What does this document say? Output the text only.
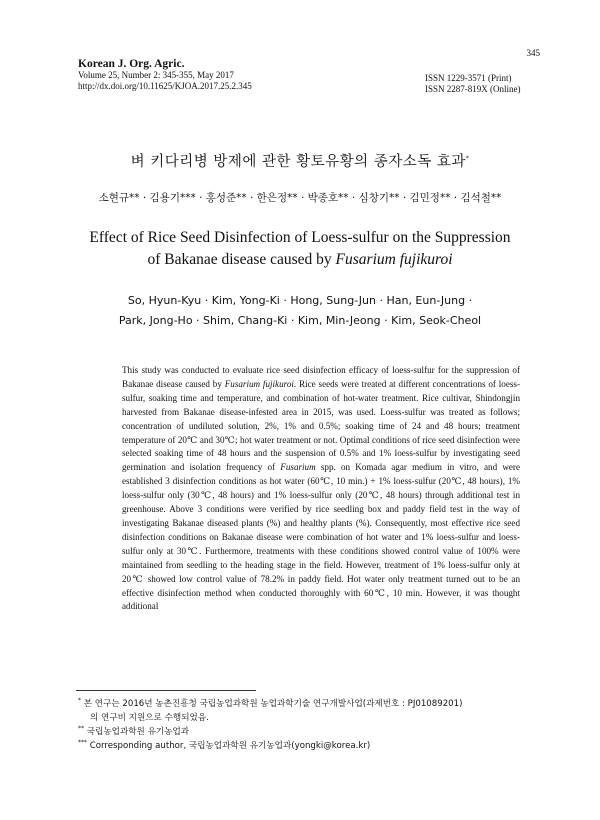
Korean J. Org. Agric.
Volume 25, Number 2: 345-355, May 2017
http://dx.doi.org/10.11625/KJOA.2017.25.2.345
345
ISSN 1229-3571 (Print)
ISSN 2287-819X (Online)
벼 키다리병 방제에 관한 황토유황의 종자소독 효과*
소현규** · 김용기*** · 홍성준** · 한은정** · 박종호** · 심창기** · 김민정** · 김석철**
Effect of Rice Seed Disinfection of Loess-sulfur on the Suppression
of Bakanae disease caused by Fusarium fujikuroi
So, Hyun-Kyu · Kim, Yong-Ki · Hong, Sung-Jun · Han, Eun-Jung ·
Park, Jong-Ho · Shim, Chang-Ki · Kim, Min-Jeong · Kim, Seok-Cheol
This study was conducted to evaluate rice seed disinfection efficacy of loess-sulfur for the suppression of Bakanae disease caused by Fusarium fujikuroi. Rice seeds were treated at different concentrations of loess-sulfur, soaking time and temperature, and combination of hot-water treatment. Rice cultivar, Shindongjin harvested from Bakanae disease-infested area in 2015, was used. Loess-sulfur was treated as follows; concentration of undiluted solution, 2%, 1% and 0.5%; soaking time of 24 and 48 hours; treatment temperature of 20℃ and 30℃; hot water treatment or not. Optimal conditions of rice seed disinfection were selected soaking time of 48 hours and the suspension of 0.5% and 1% loess-sulfur by investigating seed germination and isolation frequency of Fusarium spp. on Komada agar medium in vitro, and were established 3 disinfection conditions as hot water (60℃, 10 min.) + 1% loess-sulfur (20℃, 48 hours), 1% loess-sulfur only (30℃, 48 hours) and 1% loess-sulfur only (20℃, 48 hours) through additional test in greenhouse. Above 3 conditions were verified by rice seedling box and paddy field test in the way of investigating Bakanae diseased plants (%) and healthy plants (%). Consequently, most effective rice seed disinfection conditions on Bakanae disease were combination of hot water and 1% loess-sulfur and loess-sulfur only at 30℃. Furthermore, treatments with these conditions showed control value of 100% were maintained from seedling to the heading stage in the field. However, treatment of 1% loess-sulfur only at 20℃ showed low control value of 78.2% in paddy field. Hot water only treatment turned out to be an effective disinfection method when conducted thoroughly with 60℃, 10 min. However, it was thought additional
* 본 연구는 2016년 농촌진흥청 국립농업과학원 농업과학기술 연구개발사업(과제번호 : PJ01089201)
의 연구비 지원으로 수행되었음.
** 국립농업과학원 유기농업과
*** Corresponding author, 국립농업과학원 유기농업과(yongki@korea.kr)
